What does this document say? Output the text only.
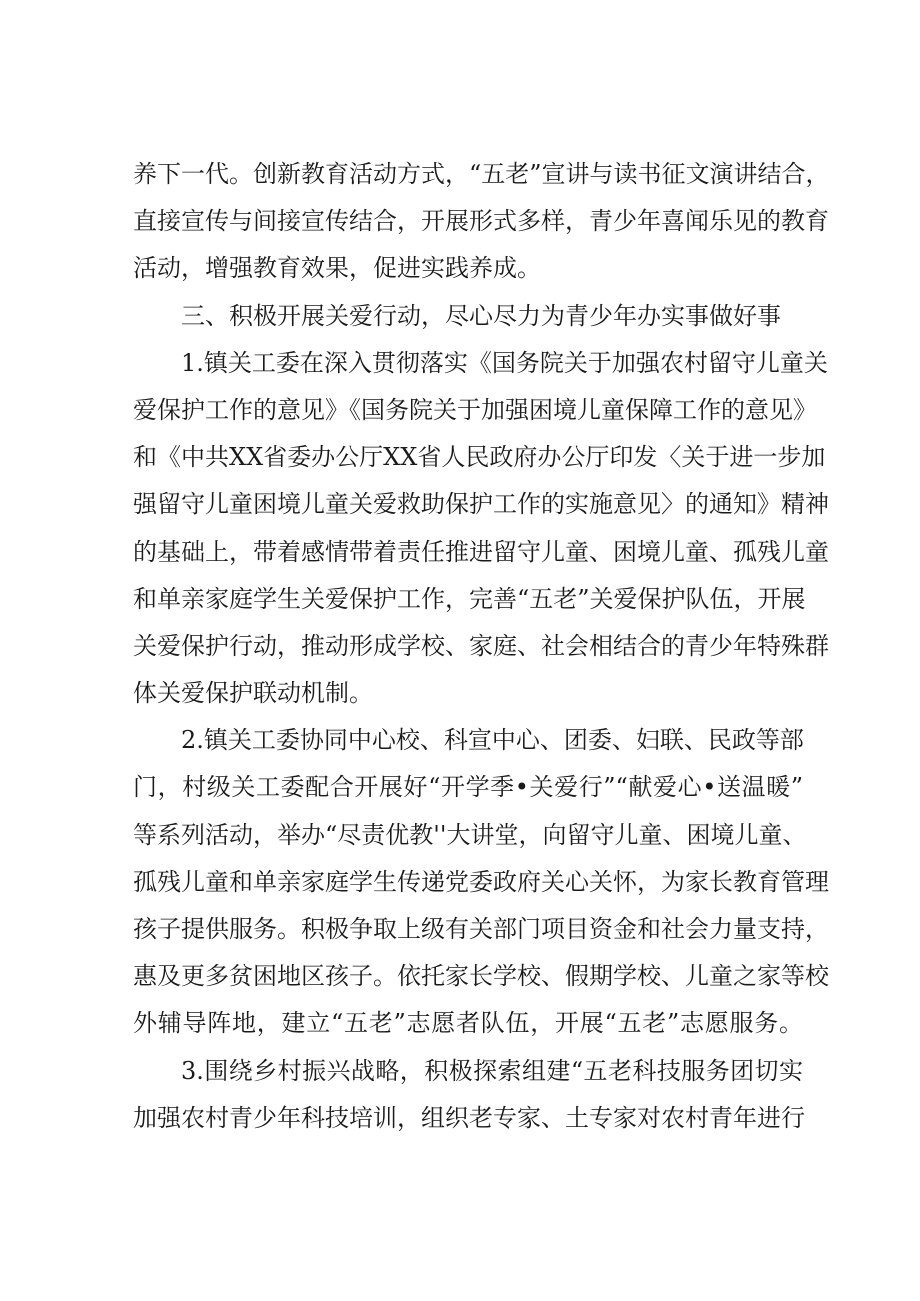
养下一代。创新教育活动方式，“五老”宣讲与读书征文演讲结合，
直接宣传与间接宣传结合，开展形式多样，青少年喜闻乐见的教育
活动，增强教育效果，促进实践养成。
三、积极开展关爱行动，尽心尽力为青少年办实事做好事
1.镇关工委在深入贯彻落实《国务院关于加强农村留守儿童关
爱保护工作的意见》《国务院关于加强困境儿童保障工作的意见》
和《中共XX省委办公厅XX省人民政府办公厅印发〈关于进一步加
强留守儿童困境儿童关爱救助保护工作的实施意见〉的通知》精神
的基础上，带着感情带着责任推进留守儿童、困境儿童、孤残儿童
和单亲家庭学生关爱保护工作，完善“五老”关爱保护队伍，开展
关爱保护行动，推动形成学校、家庭、社会相结合的青少年特殊群
体关爱保护联动机制。
2.镇关工委协同中心校、科宣中心、团委、妇联、民政等部
门，村级关工委配合开展好“开学季•关爱行”“献爱心•送温暖”
等系列活动，举办“尽责优教''大讲堂，向留守儿童、困境儿童、
孤残儿童和单亲家庭学生传递党委政府关心关怀，为家长教育管理
孩子提供服务。积极争取上级有关部门项目资金和社会力量支持，
惠及更多贫困地区孩子。依托家长学校、假期学校、儿童之家等校
外辅导阵地，建立“五老”志愿者队伍，开展“五老”志愿服务。
3.围绕乡村振兴战略，积极探索组建“五老科技服务团切实
加强农村青少年科技培训，组织老专家、土专家对农村青年进行
